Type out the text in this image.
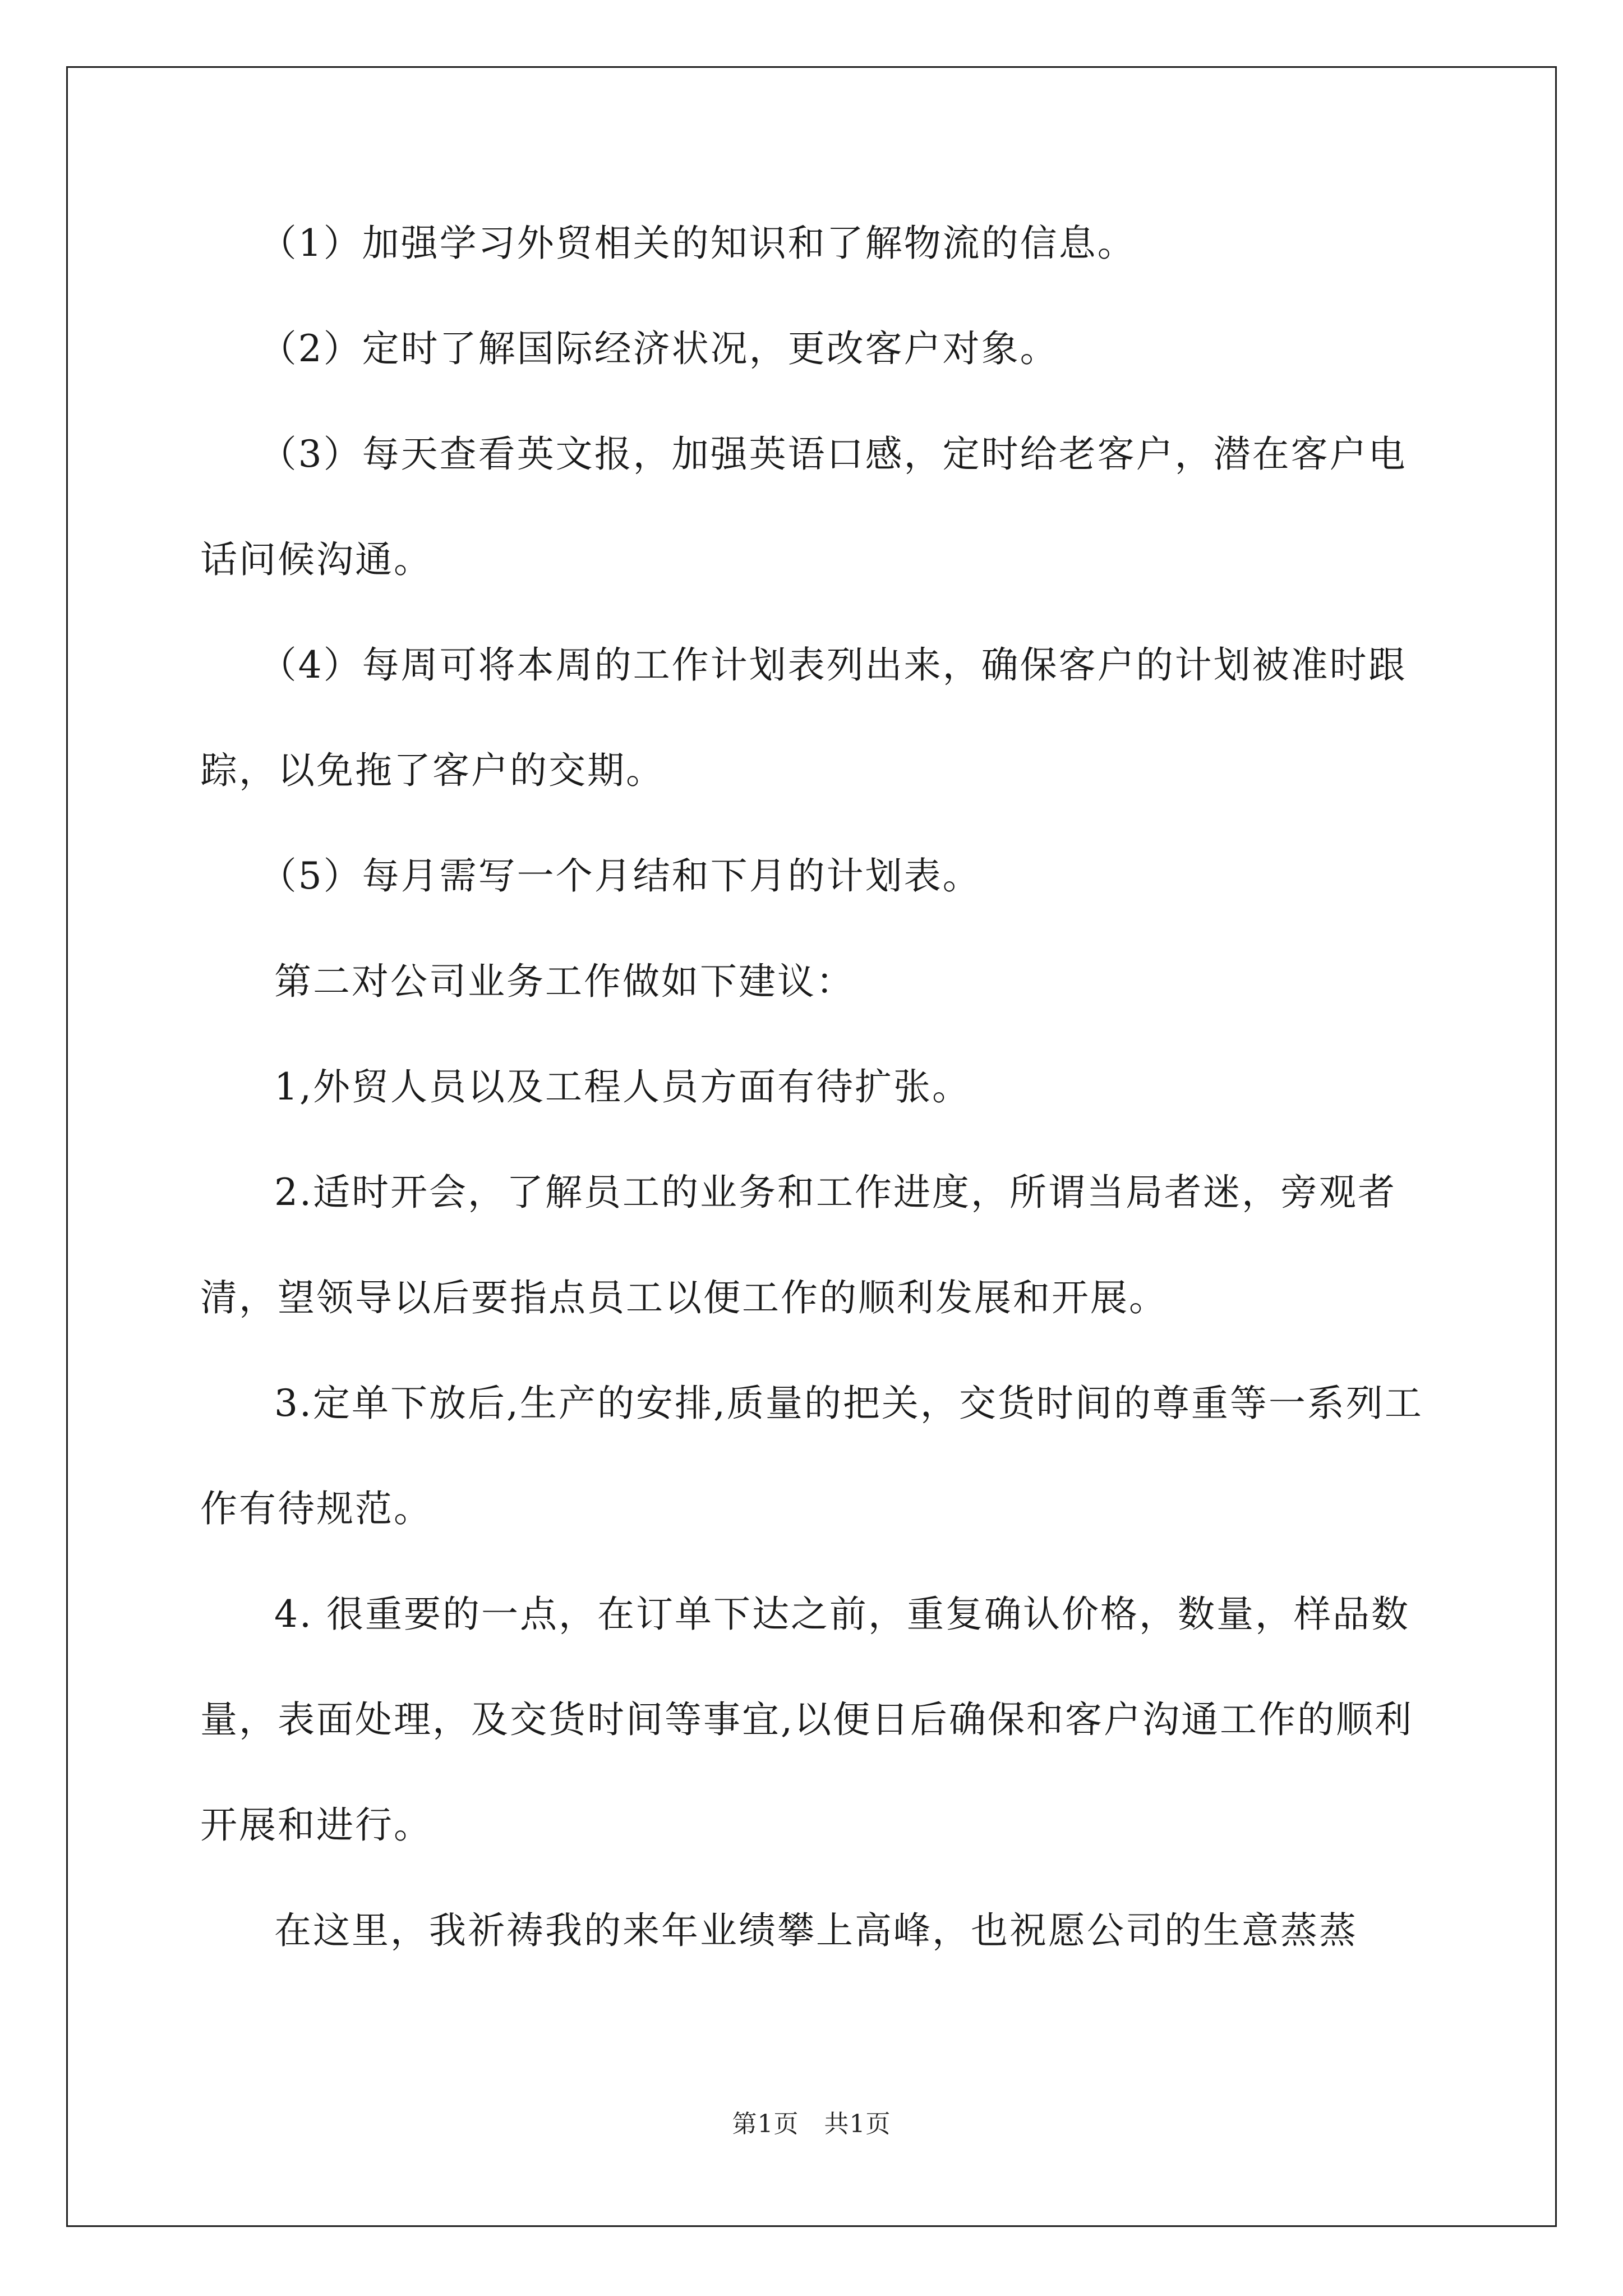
（1）加强学习外贸相关的知识和了解物流的信息。

（2）定时了解国际经济状况，更改客户对象。

（3）每天查看英文报，加强英语口感，定时给老客户，潜在客户电话问候沟通。

（4）每周可将本周的工作计划表列出来，确保客户的计划被准时跟踪，以免拖了客户的交期。

（5）每月需写一个月结和下月的计划表。

第二对公司业务工作做如下建议：

1,外贸人员以及工程人员方面有待扩张。

2.适时开会，了解员工的业务和工作进度，所谓当局者迷，旁观者清，望领导以后要指点员工以便工作的顺利发展和开展。

3.定单下放后,生产的安排,质量的把关，交货时间的尊重等一系列工作有待规范。

4. 很重要的一点，在订单下达之前，重复确认价格，数量，样品数量，表面处理，及交货时间等事宜,以便日后确保和客户沟通工作的顺利开展和进行。

在这里，我祈祷我的来年业绩攀上高峰，也祝愿公司的生意蒸蒸

第1页　共1页
